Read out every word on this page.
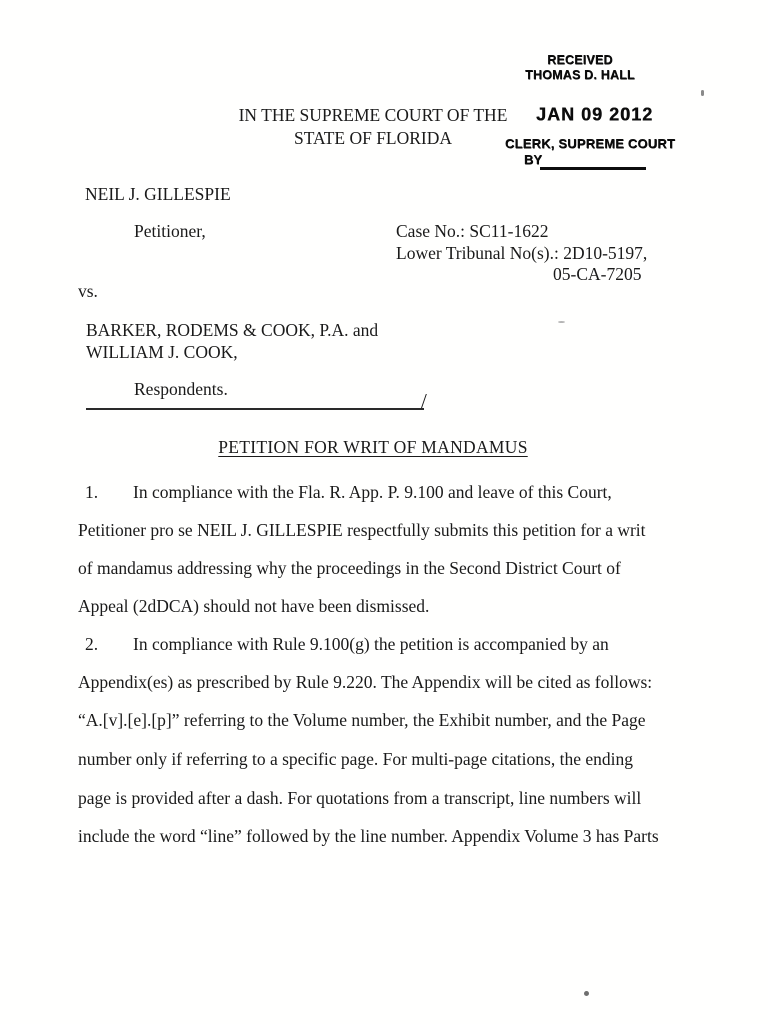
RECEIVED
THOMAS D. HALL
JAN 09 2012
CLERK, SUPREME COURT
BY
IN THE SUPREME COURT OF THE
STATE OF FLORIDA
NEIL J. GILLESPIE
Petitioner,	Case No.: SC11-1622
Lower Tribunal No(s).: 2D10-5197,
05-CA-7205
vs.
BARKER, RODEMS & COOK, P.A. and
WILLIAM J. COOK,
Respondents.	/
PETITION FOR WRIT OF MANDAMUS
1. In compliance with the Fla. R. App. P. 9.100 and leave of this Court,
Petitioner pro se NEIL J. GILLESPIE respectfully submits this petition for a writ
of mandamus addressing why the proceedings in the Second District Court of
Appeal (2dDCA) should not have been dismissed.
2. In compliance with Rule 9.100(g) the petition is accompanied by an
Appendix(es) as prescribed by Rule 9.220. The Appendix will be cited as follows:
“A.[v].[e].[p]” referring to the Volume number, the Exhibit number, and the Page
number only if referring to a specific page. For multi-page citations, the ending
page is provided after a dash. For quotations from a transcript, line numbers will
include the word “line” followed by the line number. Appendix Volume 3 has Parts
